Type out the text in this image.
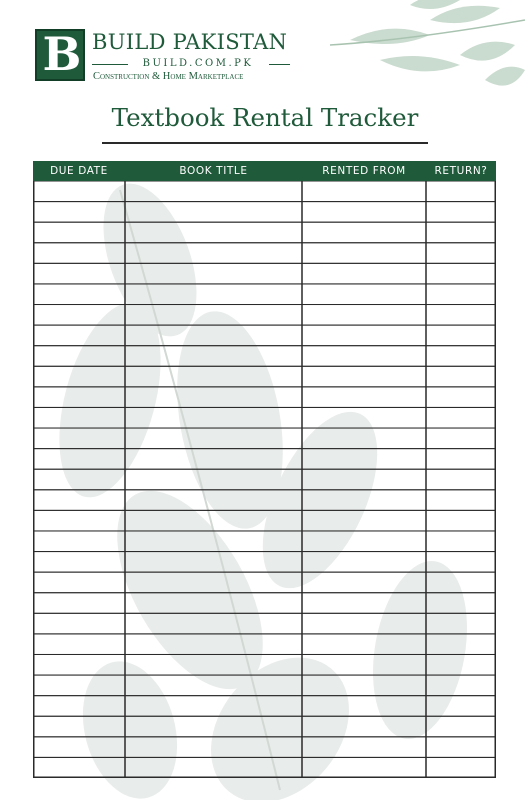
B BUILD PAKISTAN
BUILD.COM.PK
Construction & Home Marketplace
Textbook Rental Tracker
DUE DATE	BOOK TITLE	RENTED FROM	RETURN?
